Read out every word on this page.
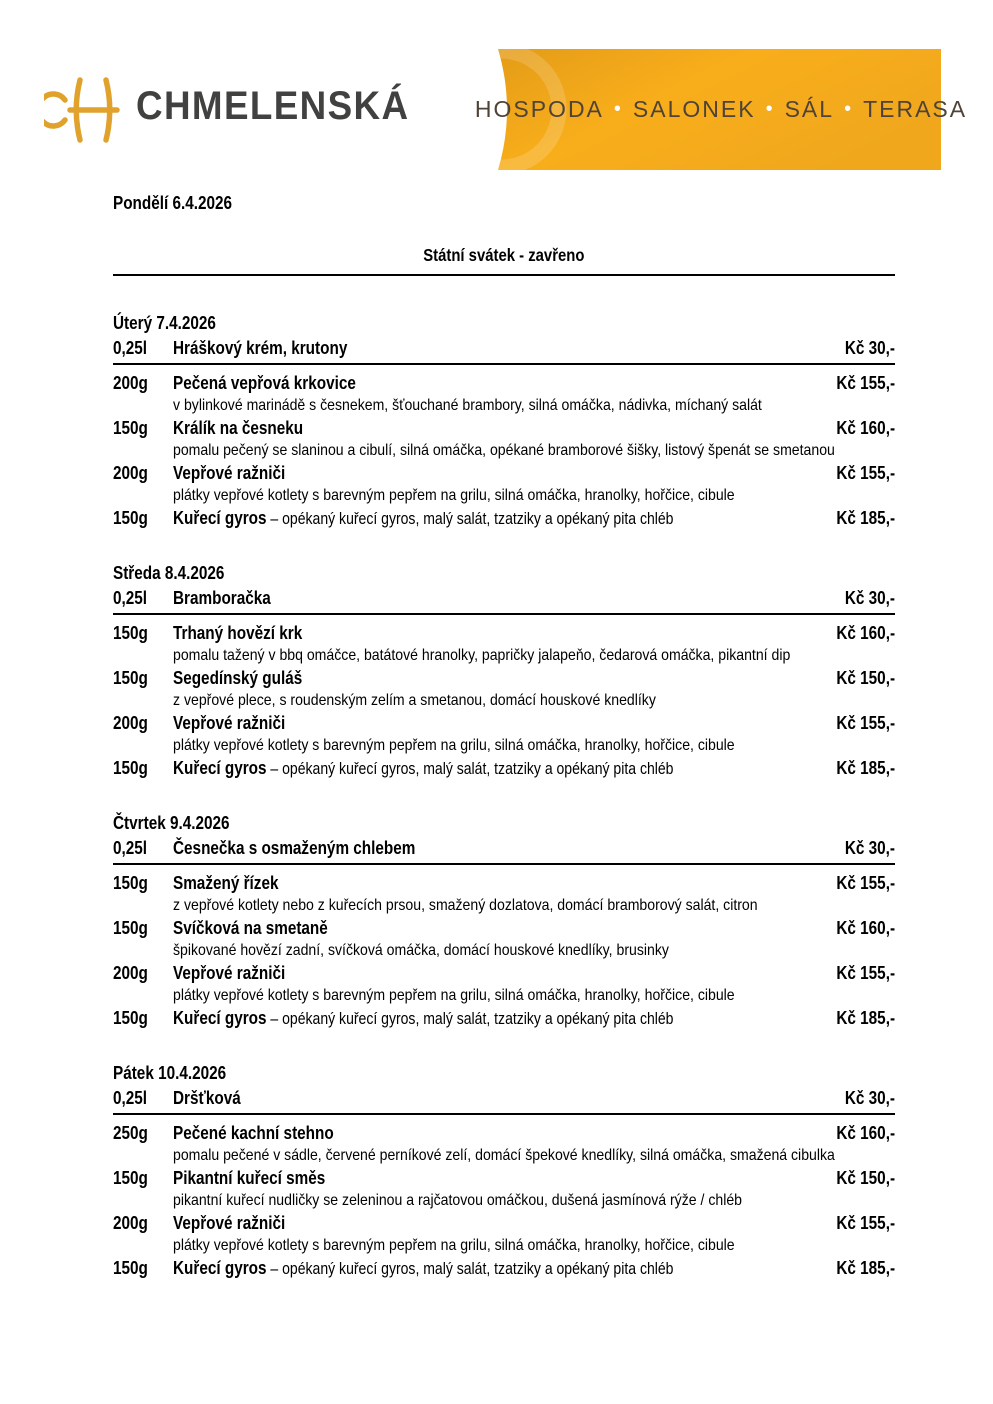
CHMELENSKÁ	HOSPODA • SALONEK • SÁL • TERASA
Pondělí 6.4.2026
Státní svátek - zavřeno
Úterý 7.4.2026
0,25l	Hráškový krém, krutony	Kč 30,-
200g	Pečená vepřová krkovice	Kč 155,-
v bylinkové marinádě s česnekem, šťouchané brambory, silná omáčka, nádivka, míchaný salát
150g	Králík na česneku	Kč 160,-
pomalu pečený se slaninou a cibulí, silná omáčka, opékané bramborové šišky, listový špenát se smetanou
200g	Vepřové ražniči	Kč 155,-
plátky vepřové kotlety s barevným pepřem na grilu, silná omáčka, hranolky, hořčice, cibule
150g	Kuřecí gyros – opékaný kuřecí gyros, malý salát, tzatziky a opékaný pita chléb	Kč 185,-
Středa 8.4.2026
0,25l	Bramboračka	Kč 30,-
150g	Trhaný hovězí krk	Kč 160,-
pomalu tažený v bbq omáčce, batátové hranolky, papričky jalapeňo, čedarová omáčka, pikantní dip
150g	Segedínský guláš	Kč 150,-
z vepřové plece, s roudenským zelím a smetanou, domácí houskové knedlíky
200g	Vepřové ražniči	Kč 155,-
plátky vepřové kotlety s barevným pepřem na grilu, silná omáčka, hranolky, hořčice, cibule
150g	Kuřecí gyros – opékaný kuřecí gyros, malý salát, tzatziky a opékaný pita chléb	Kč 185,-
Čtvrtek 9.4.2026
0,25l	Česnečka s osmaženým chlebem	Kč 30,-
150g	Smažený řízek	Kč 155,-
z vepřové kotlety nebo z kuřecích prsou, smažený dozlatova, domácí bramborový salát, citron
150g	Svíčková na smetaně	Kč 160,-
špikované hovězí zadní, svíčková omáčka, domácí houskové knedlíky, brusinky
200g	Vepřové ražniči	Kč 155,-
plátky vepřové kotlety s barevným pepřem na grilu, silná omáčka, hranolky, hořčice, cibule
150g	Kuřecí gyros – opékaný kuřecí gyros, malý salát, tzatziky a opékaný pita chléb	Kč 185,-
Pátek 10.4.2026
0,25l	Dršťková	Kč 30,-
250g	Pečené kachní stehno	Kč 160,-
pomalu pečené v sádle, červené perníkové zelí, domácí špekové knedlíky, silná omáčka, smažená cibulka
150g	Pikantní kuřecí směs	Kč 150,-
pikantní kuřecí nudličky se zeleninou a rajčatovou omáčkou, dušená jasmínová rýže / chléb
200g	Vepřové ražniči	Kč 155,-
plátky vepřové kotlety s barevným pepřem na grilu, silná omáčka, hranolky, hořčice, cibule
150g	Kuřecí gyros – opékaný kuřecí gyros, malý salát, tzatziky a opékaný pita chléb	Kč 185,-
